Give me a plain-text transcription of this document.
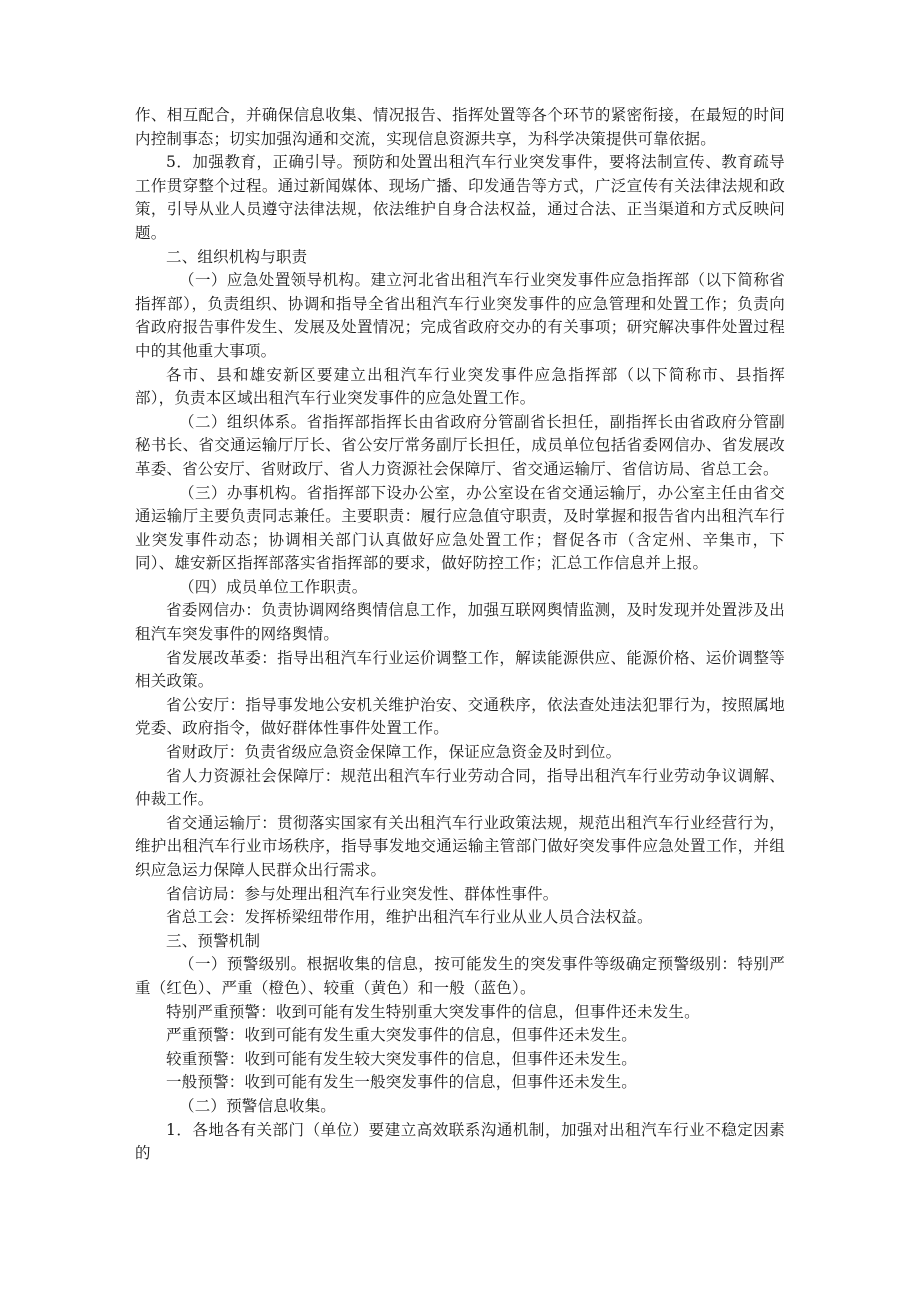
作、相互配合，并确保信息收集、情况报告、指挥处置等各个环节的紧密衔接，在最短的时间内控制事态；切实加强沟通和交流，实现信息资源共享，为科学决策提供可靠依据。

5．加强教育，正确引导。预防和处置出租汽车行业突发事件，要将法制宣传、教育疏导工作贯穿整个过程。通过新闻媒体、现场广播、印发通告等方式，广泛宣传有关法律法规和政策，引导从业人员遵守法律法规，依法维护自身合法权益，通过合法、正当渠道和方式反映问题。

二、组织机构与职责

（一）应急处置领导机构。建立河北省出租汽车行业突发事件应急指挥部（以下简称省指挥部），负责组织、协调和指导全省出租汽车行业突发事件的应急管理和处置工作；负责向省政府报告事件发生、发展及处置情况；完成省政府交办的有关事项；研究解决事件处置过程中的其他重大事项。

各市、县和雄安新区要建立出租汽车行业突发事件应急指挥部（以下简称市、县指挥部），负责本区域出租汽车行业突发事件的应急处置工作。

（二）组织体系。省指挥部指挥长由省政府分管副省长担任，副指挥长由省政府分管副秘书长、省交通运输厅厅长、省公安厅常务副厅长担任，成员单位包括省委网信办、省发展改革委、省公安厅、省财政厅、省人力资源社会保障厅、省交通运输厅、省信访局、省总工会。

（三）办事机构。省指挥部下设办公室，办公室设在省交通运输厅，办公室主任由省交通运输厅主要负责同志兼任。主要职责：履行应急值守职责，及时掌握和报告省内出租汽车行业突发事件动态；协调相关部门认真做好应急处置工作；督促各市（含定州、辛集市，下同）、雄安新区指挥部落实省指挥部的要求，做好防控工作；汇总工作信息并上报。

（四）成员单位工作职责。

省委网信办：负责协调网络舆情信息工作，加强互联网舆情监测，及时发现并处置涉及出租汽车突发事件的网络舆情。

省发展改革委：指导出租汽车行业运价调整工作，解读能源供应、能源价格、运价调整等相关政策。

省公安厅：指导事发地公安机关维护治安、交通秩序，依法查处违法犯罪行为，按照属地党委、政府指令，做好群体性事件处置工作。

省财政厅：负责省级应急资金保障工作，保证应急资金及时到位。

省人力资源社会保障厅：规范出租汽车行业劳动合同，指导出租汽车行业劳动争议调解、仲裁工作。

省交通运输厅：贯彻落实国家有关出租汽车行业政策法规，规范出租汽车行业经营行为，维护出租汽车行业市场秩序，指导事发地交通运输主管部门做好突发事件应急处置工作，并组织应急运力保障人民群众出行需求。

省信访局：参与处理出租汽车行业突发性、群体性事件。

省总工会：发挥桥梁纽带作用，维护出租汽车行业从业人员合法权益。

三、预警机制

（一）预警级别。根据收集的信息，按可能发生的突发事件等级确定预警级别：特别严重（红色）、严重（橙色）、较重（黄色）和一般（蓝色）。

特别严重预警：收到可能有发生特别重大突发事件的信息，但事件还未发生。

严重预警：收到可能有发生重大突发事件的信息，但事件还未发生。

较重预警：收到可能有发生较大突发事件的信息，但事件还未发生。

一般预警：收到可能有发生一般突发事件的信息，但事件还未发生。

（二）预警信息收集。

1．各地各有关部门（单位）要建立高效联系沟通机制，加强对出租汽车行业不稳定因素的
